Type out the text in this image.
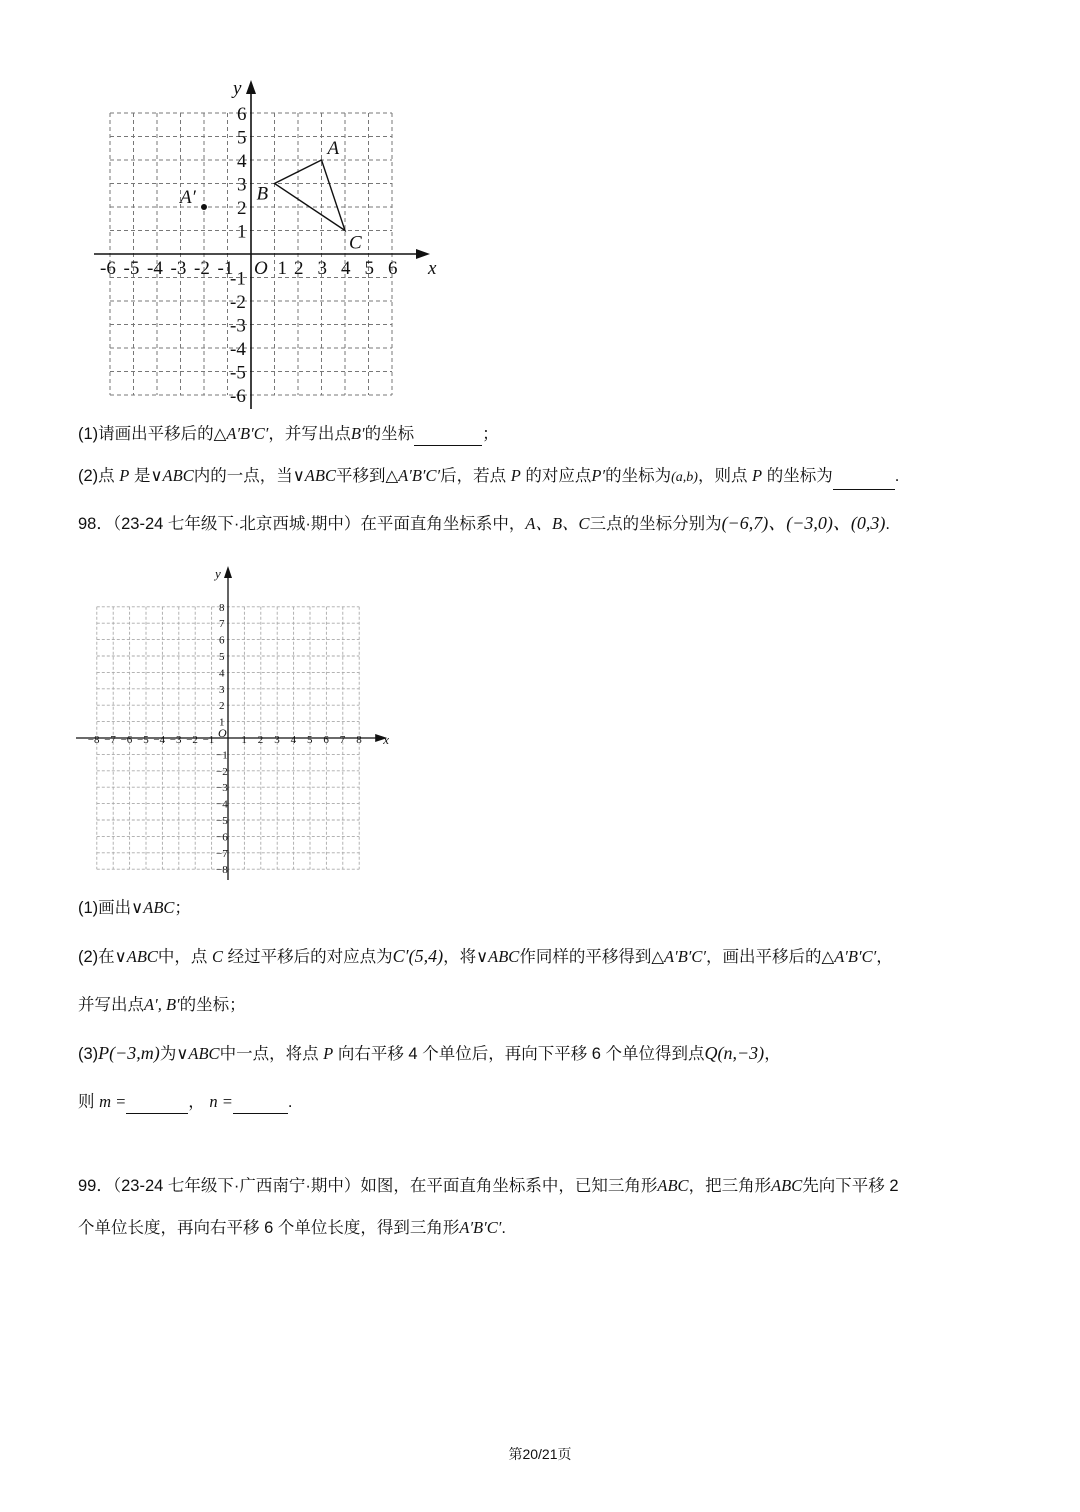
x
y
O
-6 -5 -4 -3 -2 -1 1 2 3 4 5 6
6
5
4
3
2
1
-1
-2
-3
-4
-5
-6
A
B
C
A′
(1)请画出平移后的△A′B′C′，并写出点B′的坐标	；
(2)点 P 是∨ABC内的一点，当∨ABC平移到△A′B′C′后，若点 P 的对应点P′的坐标为(a,b)，则点 P 的坐标为	.
98．（23-24 七年级下·北京西城·期中）在平面直角坐标系中，A、B、C三点的坐标分别为(−6,7)、(−3,0)、(0,3).
x
y
O
−8 −7 −6 −5 −4 −3 −2 −1 1 2 3 4 5 6 7 8
8
7
6
5
4
3
2
1
−1
−2
−3
−4
−5
−6
−7
−8
(1)画出∨ABC；
(2)在∨ABC中，点 C 经过平移后的对应点为C′(5,4)，将∨ABC作同样的平移得到△A′B′C′，画出平移后的△A′B′C′，
并写出点A′, B′的坐标；
(3)P(−3,m)为∨ABC中一点，将点 P 向右平移 4 个单位后，再向下平移 6 个单位得到点Q(n,−3)，
则 m =	， n =	.
99．（23-24 七年级下·广西南宁·期中）如图，在平面直角坐标系中，已知三角形ABC，把三角形ABC先向下平移 2
个单位长度，再向右平移 6 个单位长度，得到三角形A′B′C′.
第20/21页
